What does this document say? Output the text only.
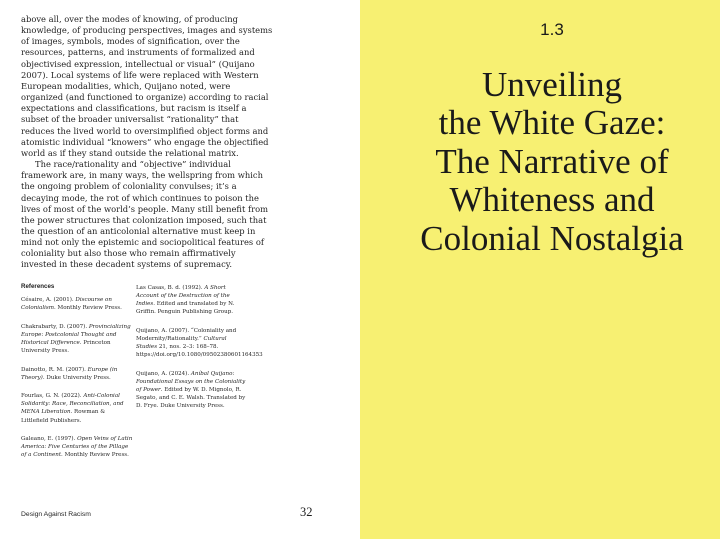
above all, over the modes of knowing, of producing knowledge, of producing perspectives, images and systems of images, symbols, modes of signification, over the resources, patterns, and instruments of formalized and objectivised expression, intellectual or visual” (Quijano 2007). Local systems of life were replaced with Western European modalities, which, Quijano noted, were organized (and functioned to organize) according to racial expectations and classifications, but racism is itself a subset of the broader universalist “rationality” that reduces the lived world to oversimplified object forms and atomistic individual “knowers” who engage the objectified world as if they stand outside the relational matrix.

The race/rationality and “objective” individual framework are, in many ways, the wellspring from which the ongoing problem of coloniality convulses; it’s a decaying mode, the rot of which continues to poison the lives of most of the world’s people. Many still benefit from the power structures that colonization imposed, such that the question of an anticolonial alternative must keep in mind not only the epistemic and sociopolitical features of coloniality but also those who remain affirmatively invested in these decadent systems of supremacy.

References

Césaire, A. (2001). Discourse on Colonialism. Monthly Review Press.

Chakrabarty, D. (2007). Provincializing Europe: Postcolonial Thought and Historical Difference. Princeton University Press.

Dainotto, R. M. (2007). Europe (in Theory). Duke University Press.

Fourlas, G. N. (2022). Anti-Colonial Solidarity: Race, Reconciliation, and MENA Liberation. Rowman & Littlefield Publishers.

Galeano, E. (1997). Open Veins of Latin America: Five Centuries of the Pillage of a Continent. Monthly Review Press.

Las Casas, B. d. (1992). A Short Account of the Destruction of the Indies. Edited and translated by N. Griffin. Penguin Publishing Group.

Quijano, A. (2007). “Coloniality and Modernity/Rationality.” Cultural Studies 21, nos. 2–3: 168–78. https://doi.org/10.1080/09502380601164353

Quijano, A. (2024). Aníbal Quijano: Foundational Essays on the Coloniality of Power. Edited by W. D. Mignolo, R. Segato, and C. E. Walsh. Translated by D. Frye. Duke University Press.

Design Against Racism	32
1.3
Unveiling
the White Gaze:
The Narrative of
Whiteness and
Colonial Nostalgia
